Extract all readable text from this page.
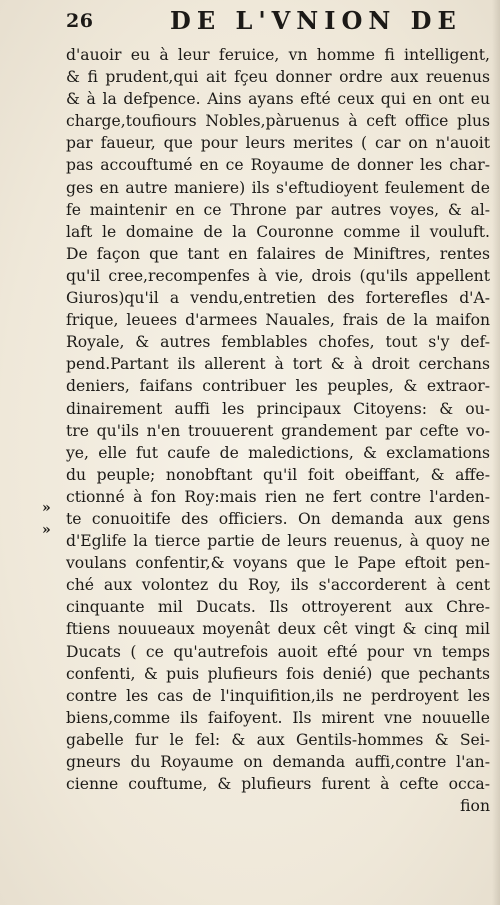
26	DE L'VNION DE
»
»
d'auoir eu à leur feruice, vn homme fi intelligent,
& fi prudent,qui ait fçeu donner ordre aux reuenus
& à la defpence. Ains ayans efté ceux qui en ont eu
charge,toufiours Nobles,pàruenus à ceft office plus
par faueur, que pour leurs merites ( car on n'auoit
pas accouftumé en ce Royaume de donner les char-
ges en autre maniere) ils s'eftudioyent feulement de
fe maintenir en ce Throne par autres voyes, & al-
laft le domaine de la Couronne comme il vouluft.
De façon que tant en falaires de Miniftres, rentes
qu'il cree,recompenfes à vie, drois (qu'ils appellent
Giuros)qu'il a vendu,entretien des forterefles d'A-
frique, leuees d'armees Nauales, frais de la maifon
Royale, & autres femblables chofes, tout s'y def-
pend.Partant ils allerent à tort & à droit cerchans
deniers, faifans contribuer les peuples, & extraor-
dinairement auffi les principaux Citoyens: & ou-
tre qu'ils n'en trouuerent grandement par cefte vo-
ye, elle fut caufe de maledictions, & exclamations
du peuple; nonobftant qu'il foit obeiffant, & affe-
ctionné à fon Roy:mais rien ne fert contre l'arden-
te conuoitife des officiers. On demanda aux gens
d'Eglife la tierce partie de leurs reuenus, à quoy ne
voulans confentir,& voyans que le Pape eftoit pen-
ché aux volontez du Roy, ils s'accorderent à cent
cinquante mil Ducats. Ils ottroyerent aux Chre-
ftiens nouueaux moyenât deux cêt vingt & cinq mil
Ducats ( ce qu'autrefois auoit efté pour vn temps
confenti, & puis plufieurs fois denié) que pechants
contre les cas de l'inquifition,ils ne perdroyent les
biens,comme ils faifoyent. Ils mirent vne nouuelle
gabelle fur le fel: & aux Gentils-hommes & Sei-
gneurs du Royaume on demanda auffi,contre l'an-
cienne couftume, & plufieurs furent à cefte occa-
fion
